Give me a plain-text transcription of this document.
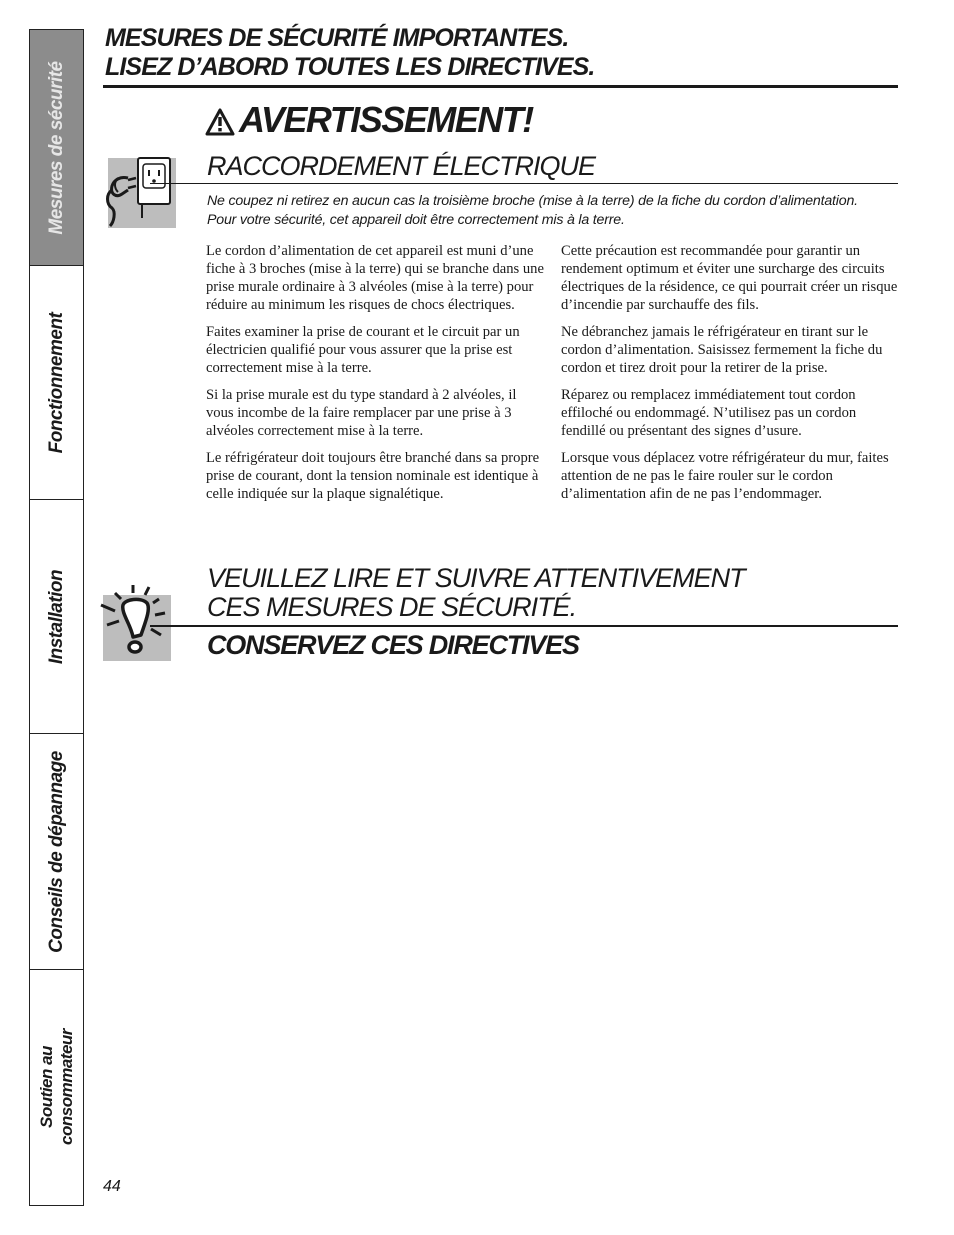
Mesures de sécurité
Fonctionnement
Installation
Conseils de dépannage
Soutien au consommateur
MESURES DE SÉCURITÉ IMPORTANTES.
LISEZ D’ABORD TOUTES LES DIRECTIVES.
AVERTISSEMENT!
RACCORDEMENT ÉLECTRIQUE
Ne coupez ni retirez en aucun cas la troisième broche (mise à la terre) de la fiche du cordon d’alimentation. Pour votre sécurité, cet appareil doit être correctement mis à la terre.

Le cordon d’alimentation de cet appareil est muni d’une fiche à 3 broches (mise à la terre) qui se branche dans une prise murale ordinaire à 3 alvéoles (mise à la terre) pour réduire au minimum les risques de chocs électriques.

Faites examiner la prise de courant et le circuit par un électricien qualifié pour vous assurer que la prise est correctement mise à la terre.

Si la prise murale est du type standard à 2 alvéoles, il vous incombe de la faire remplacer par une prise à 3 alvéoles correctement mise à la terre.

Le réfrigérateur doit toujours être branché dans sa propre prise de courant, dont la tension nominale est identique à celle indiquée sur la plaque signalétique.

Cette précaution est recommandée pour garantir un rendement optimum et éviter une surcharge des circuits électriques de la résidence, ce qui pourrait créer un risque d’incendie par surchauffe des fils.

Ne débranchez jamais le réfrigérateur en tirant sur le cordon d’alimentation. Saisissez fermement la fiche du cordon et tirez droit pour la retirer de la prise.

Réparez ou remplacez immédiatement tout cordon effiloché ou endommagé. N’utilisez pas un cordon fendillé ou présentant des signes d’usure.

Lorsque vous déplacez votre réfrigérateur du mur, faites attention de ne pas le faire rouler sur le cordon d’alimentation afin de ne pas l’endommager.

VEUILLEZ LIRE ET SUIVRE ATTENTIVEMENT
CES MESURES DE SÉCURITÉ.
CONSERVEZ CES DIRECTIVES
44
